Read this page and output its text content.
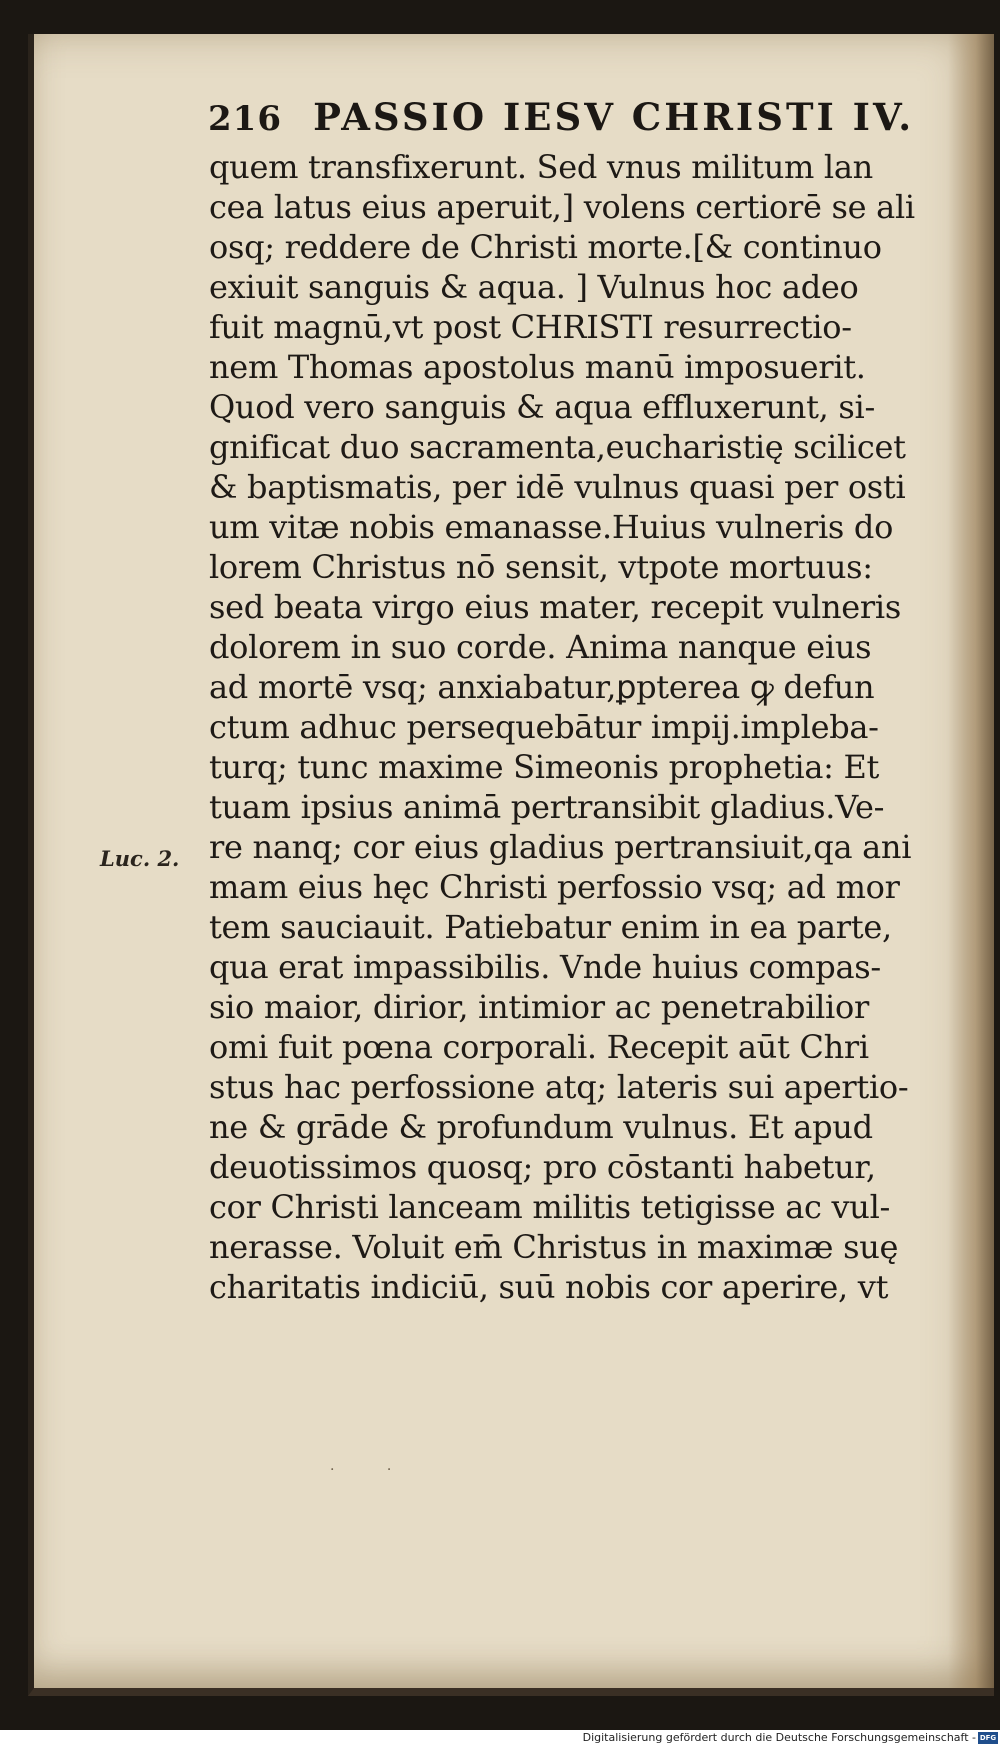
216 PASSIO IESV CHRISTI IV.
Luc. 2.
quem transfixerunt. Sed vnus militum lan
cea latus eius aperuit,] volens certiorē se ali
osq; reddere de Christi morte.[& continuo
exiuit sanguis & aqua. ] Vulnus hoc adeo
fuit magnū,vt post CHRISTI resurrectio-
nem Thomas apostolus manū imposuerit.
Quod vero sanguis & aqua effluxerunt, si-
gnificat duo sacramenta,eucharistię scilicet
& baptismatis, per idē vulnus quasi per osti
um vitæ nobis emanasse.Huius vulneris do
lorem Christus nō sensit, vtpote mortuus:
sed beata virgo eius mater, recepit vulneris
dolorem in suo corde. Anima nanque eius
ad mortē vsq; anxiabatur,ꝑpterea ꝙ defun
ctum adhuc persequebātur impij.impleba-
turq; tunc maxime Simeonis prophetia: Et
tuam ipsius animā pertransibit gladius.Ve-
re nanq; cor eius gladius pertransiuit,qa ani
mam eius hęc Christi perfossio vsq; ad mor
tem sauciauit. Patiebatur enim in ea parte,
qua erat impassibilis. Vnde huius compas-
sio maior, dirior, intimior ac penetrabilior
omi fuit pœna corporali. Recepit aūt Chri
stus hac perfossione atq; lateris sui apertio-
ne & grāde & profundum vulnus. Et apud
deuotissimos quosq; pro cōstanti habetur,
cor Christi lanceam militis tetigisse ac vul-
nerasse. Voluit em̄ Christus in maximæ suę
charitatis indiciū, suū nobis cor aperire, vt
· ·
Digitalisierung gefördert durch die Deutsche Forschungsgemeinschaft - DFG
